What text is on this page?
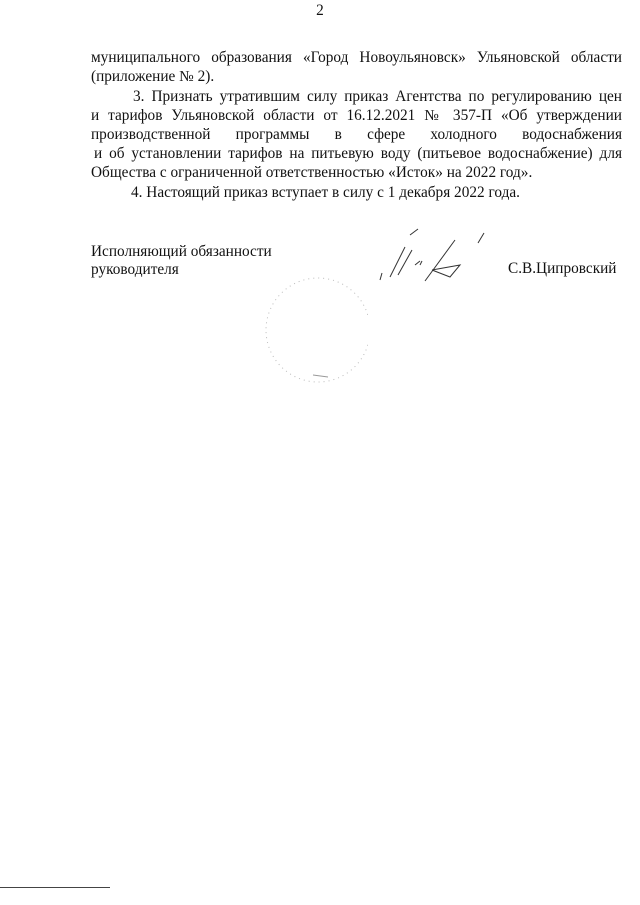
2
муниципального образования «Город Новоульяновск» Ульяновской области
(приложение № 2).
3. Признать утратившим силу приказ Агентства по регулированию цен
и тарифов Ульяновской области от 16.12.2021 № 357-П «Об утверждении
производственной программы в сфере холодного водоснабжения
и об установлении тарифов на питьевую воду (питьевое водоснабжение) для
Общества с ограниченной ответственностью «Исток» на 2022 год».
4. Настоящий приказ вступает в силу с 1 декабря 2022 года.
Исполняющий обязанности
руководителя	С.В.Ципровский
